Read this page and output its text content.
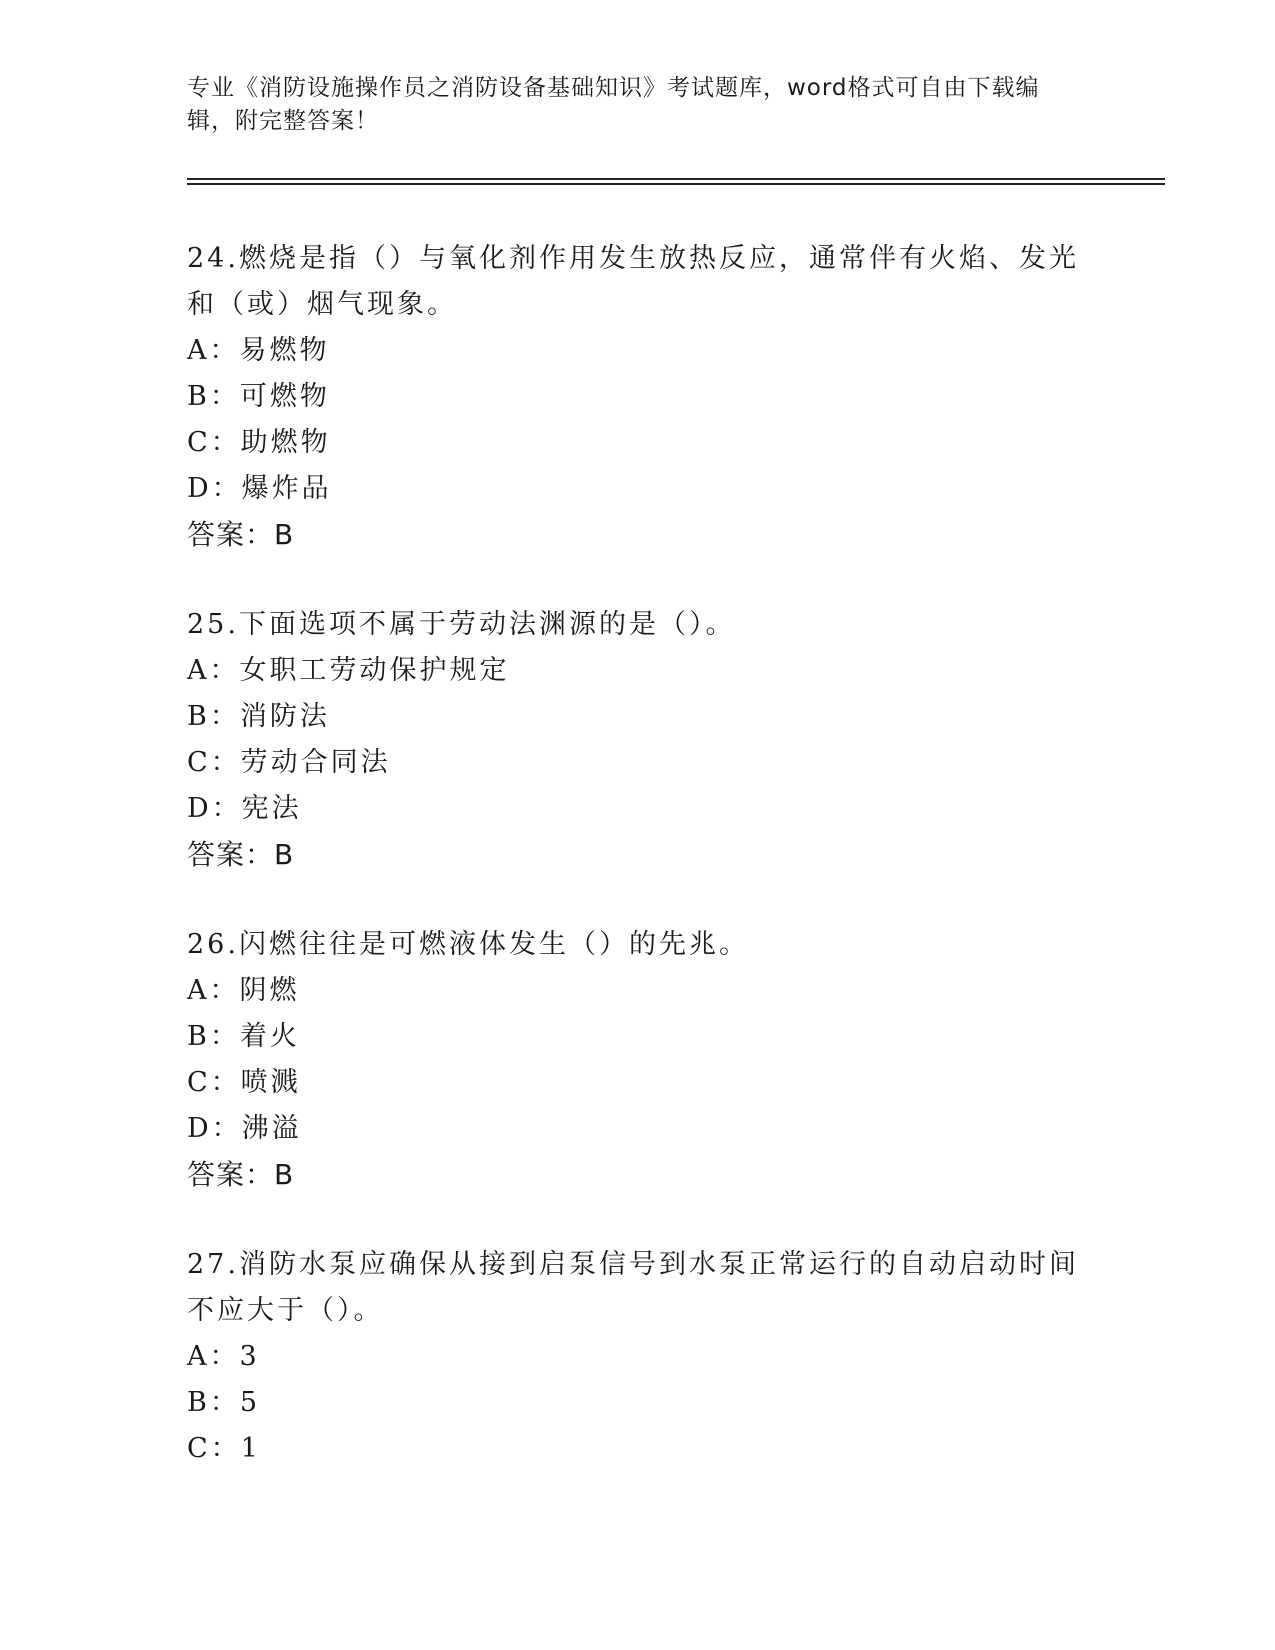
专业《消防设施操作员之消防设备基础知识》考试题库，word格式可自由下载编辑，附完整答案！
24.燃烧是指（）与氧化剂作用发生放热反应，通常伴有火焰、发光和（或）烟气现象。
A：易燃物
B：可燃物
C：助燃物
D：爆炸品
答案：B
25.下面选项不属于劳动法渊源的是（）。
A：女职工劳动保护规定
B：消防法
C：劳动合同法
D：宪法
答案：B
26.闪燃往往是可燃液体发生（）的先兆。
A：阴燃
B：着火
C：喷溅
D：沸溢
答案：B
27.消防水泵应确保从接到启泵信号到水泵正常运行的自动启动时间不应大于（）。
A：3
B：5
C：1
